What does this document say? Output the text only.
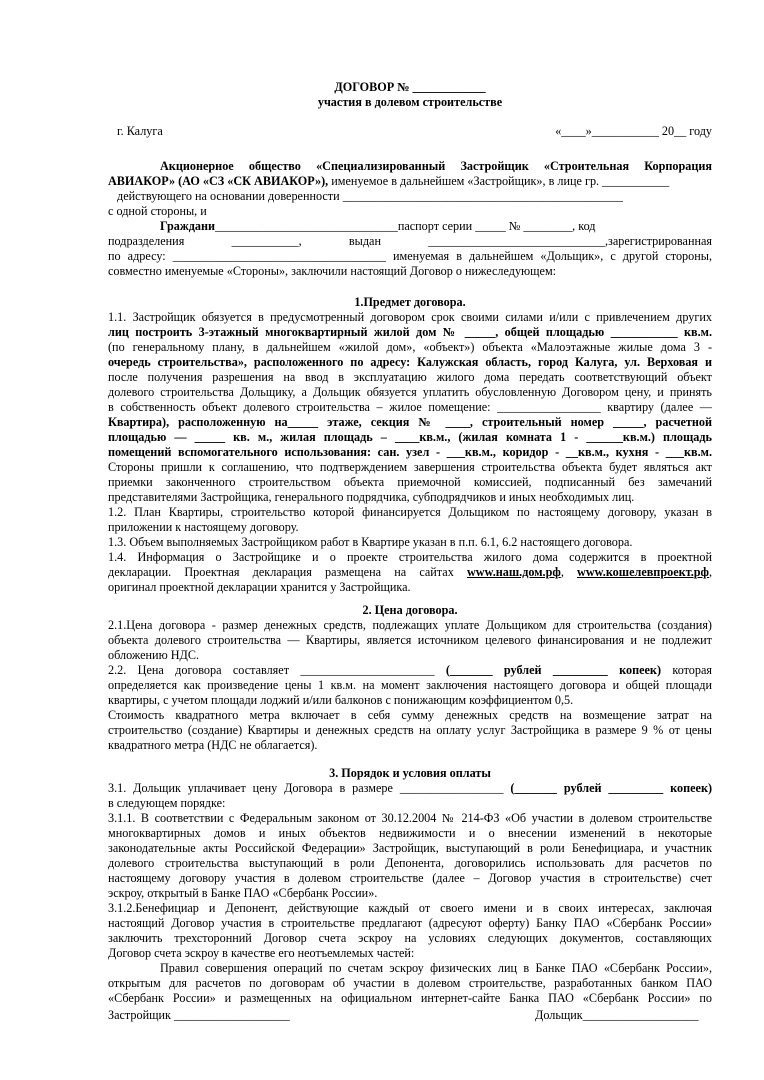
ДОГОВОР № ____________
участия в долевом строительстве
г. Калуга	«____»___________ 20__ году
Акционерное общество «Специализированный Застройщик «Строительная Корпорация
АВИАКОР» (АО «СЗ «СК АВИАКОР»), именуемое в дальнейшем «Застройщик», в лице гр. ___________
действующего на основании доверенности ______________________________________________
с одной стороны, и
Граждани______________________________паспорт серии _____ № ________, код
подразделения ___________, выдан _____________________________,зарегистрированная
по адресу: ___________________________________ именуемая в дальнейшем «Дольщик», с другой стороны,
совместно именуемые «Стороны», заключили настоящий Договор о нижеследующем:
1.Предмет договора.
1.1. Застройщик обязуется в предусмотренный договором срок своими силами и/или с привлечением других
лиц построить 3-этажный многоквартирный жилой дом № _____, общей площадью ___________ кв.м.
(по генеральному плану, в дальнейшем «жилой дом», «объект») объекта «Малоэтажные жилые дома 3 -
очередь строительства», расположенного по адресу: Калужская область, город Калуга, ул. Верховая и
после получения разрешения на ввод в эксплуатацию жилого дома передать соответствующий объект
долевого строительства Дольщику, а Дольщик обязуется уплатить обусловленную Договором цену, и принять
в собственность объект долевого строительства – жилое помещение: _________________ квартиру (далее —
Квартира), расположенную на_____ этаже, секция № ____, строительный номер _____, расчетной
площадью — _____ кв. м., жилая площадь – ____кв.м., (жилая комната 1 - ______кв.м.) площадь
помещений вспомогательного использования: сан. узел - ___кв.м., коридор - __кв.м., кухня - ___кв.м.
Стороны пришли к соглашению, что подтверждением завершения строительства объекта будет являться акт
приемки законченного строительством объекта приемочной комиссией, подписанный без замечаний
представителями Застройщика, генерального подрядчика, субподрядчиков и иных необходимых лиц.
1.2. План Квартиры, строительство которой финансируется Дольщиком по настоящему договору, указан в
приложении к настоящему договору.
1.3. Объем выполняемых Застройщиком работ в Квартире указан в п.п. 6.1, 6.2 настоящего договора.
1.4. Информация о Застройщике и о проекте строительства жилого дома содержится в проектной
декларации. Проектная декларация размещена на сайтах www.наш.дом.рф, www.кошелевпроект.рф,
оригинал проектной декларации хранится у Застройщика.
2. Цена договора.
2.1.Цена договора - размер денежных средств, подлежащих уплате Дольщиком для строительства (создания)
объекта долевого строительства — Квартиры, является источником целевого финансирования и не подлежит
обложению НДС.
2.2. Цена договора составляет ______________________ (_______ рублей _________ копеек) которая
определяется как произведение цены 1 кв.м. на момент заключения настоящего договора и общей площади
квартиры, с учетом площади лоджий и/или балконов с понижающим коэффициентом 0,5.
Стоимость квадратного метра включает в себя сумму денежных средств на возмещение затрат на
строительство (создание) Квартиры и денежных средств на оплату услуг Застройщика в размере 9 % от цены
квадратного метра (НДС не облагается).
3. Порядок и условия оплаты
3.1. Дольщик уплачивает цену Договора в размере _________________ (_______ рублей _________ копеек)
в следующем порядке:
3.1.1. В соответствии с Федеральным законом от 30.12.2004 № 214-ФЗ «Об участии в долевом строительстве
многоквартирных домов и иных объектов недвижимости и о внесении изменений в некоторые
законодательные акты Российской Федерации» Застройщик, выступающий в роли Бенефициара, и участник
долевого строительства выступающий в роли Депонента, договорились использовать для расчетов по
настоящему договору участия в долевом строительстве (далее – Договор участия в строительстве) счет
эскроу, открытый в Банке ПАО «Сбербанк России».
3.1.2.Бенефициар и Депонент, действующие каждый от своего имени и в своих интересах, заключая
настоящий Договор участия в строительстве предлагают (адресуют оферту) Банку ПАО «Сбербанк России»
заключить трехсторонний Договор счета эскроу на условиях следующих документов, составляющих
Договор счета эскроу в качестве его неотъемлемых частей:
Правил совершения операций по счетам эскроу физических лиц в Банке ПАО «Сбербанк России»,
открытым для расчетов по договорам об участии в долевом строительстве, разработанных банком ПАО
«Сбербанк России» и размещенных на официальном интернет-сайте Банка ПАО «Сбербанк России» по
Застройщик ___________________	Дольщик___________________
